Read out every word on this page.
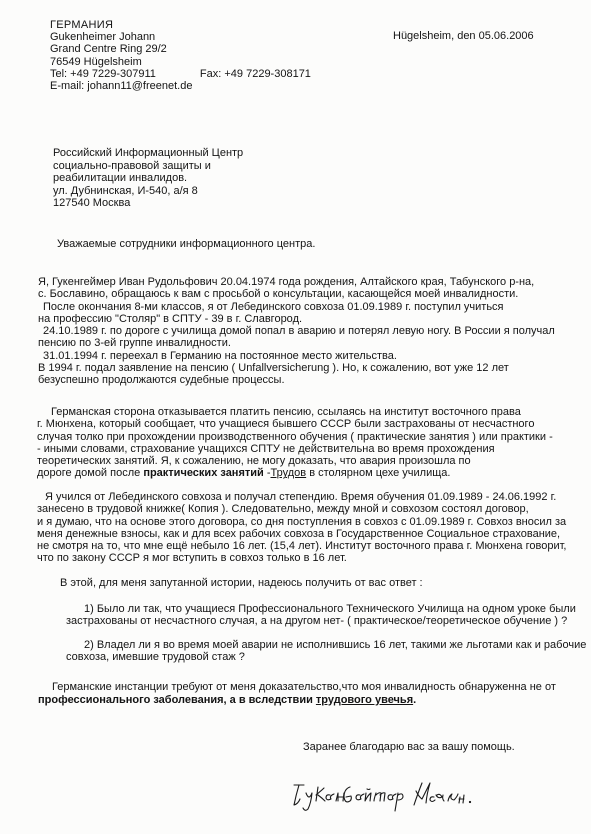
ГЕРМАНИЯ
Gukenheimer Johann
Grand Centre Ring 29/2
76549 Hügelsheim
Tel: +49 7229-307911	Fax: +49 7229-308171
E-mail: johann11@freenet.de
Hügelsheim, den 05.06.2006
Российский Информационный Центр
социально-правовой защиты и
реабилитации инвалидов.
ул. Дубнинская, И-540, а/я 8
127540 Москва
Уважаемые сотрудники информационного центра.
Я, Гукенгеймер Иван Рудольфович 20.04.1974 года рождения, Алтайского края, Табунского р-на,
с. Бославино, обращаюсь к вам с просьбой о консультации, касающейся моей инвалидности.
После окончания 8-ми классов, я от Лебединского совхоза 01.09.1989 г. поступил учиться
на профессию "Столяр" в СПТУ - 39 в г. Славгород.
24.10.1989 г. по дороге с училища домой попал в аварию и потерял левую ногу. В России я получал
пенсию по 3-ей группе инвалидности.
31.01.1994 г. переехал в Германию на постоянное место жительства.
В 1994 г. подал заявление на пенсию ( Unfallversicherung ). Но, к сожалению, вот уже 12 лет
безуспешно продолжаются судебные процессы.
Германская сторона отказывается платить пенсию, ссылаясь на институт восточного права
г. Мюнхена, который сообщает, что учащиеся бывшего СССР были застрахованы от несчастного
случая толко при прохождении производственного обучения ( практические занятия ) или практики -
- иными словами, страхование учащихся СПТУ не действительна во время прохождения
теоретических занятий. Я, к сожалению, не могу доказать, что авария произошла по
дороге домой после практических занятий -Трудов в столярном цехе училища.
Я учился от Лебединского совхоза и получал степендию. Время обучения 01.09.1989 - 24.06.1992 г.
занесено в трудовой книжке( Копия ). Следовательно, между мной и совхозом состоял договор,
и я думаю, что на основе этого договора, со дня поступления в совхоз с 01.09.1989 г. Совхоз вносил за
меня денежные взносы, как и для всех рабочих совхоза в Государственное Социальное страхование,
не смотря на то, что мне ещё небыло 16 лет. (15,4 лет). Институт восточного права г. Мюнхена говорит,
что по закону СССР я мог вступить в совхоз только в 16 лет.
В этой, для меня запутанной истории, надеюсь получить от вас ответ :
1) Было ли так, что учащиеся Профессионального Технического Училища на одном уроке были
застрахованы от несчастного случая, а на другом нет- ( практическое/теоретическое обучение ) ?
2) Владел ли я во время моей аварии не исполнившись 16 лет, такими же льготами как и рабочие
совхоза, имевшие трудовой стаж ?
Германские инстанции требуют от меня доказательство,что моя инвалидность обнаруженна не от
профессионального заболевания, а в вследствии трудового увечья.
Заранее благодарю вас за вашу помощь.
